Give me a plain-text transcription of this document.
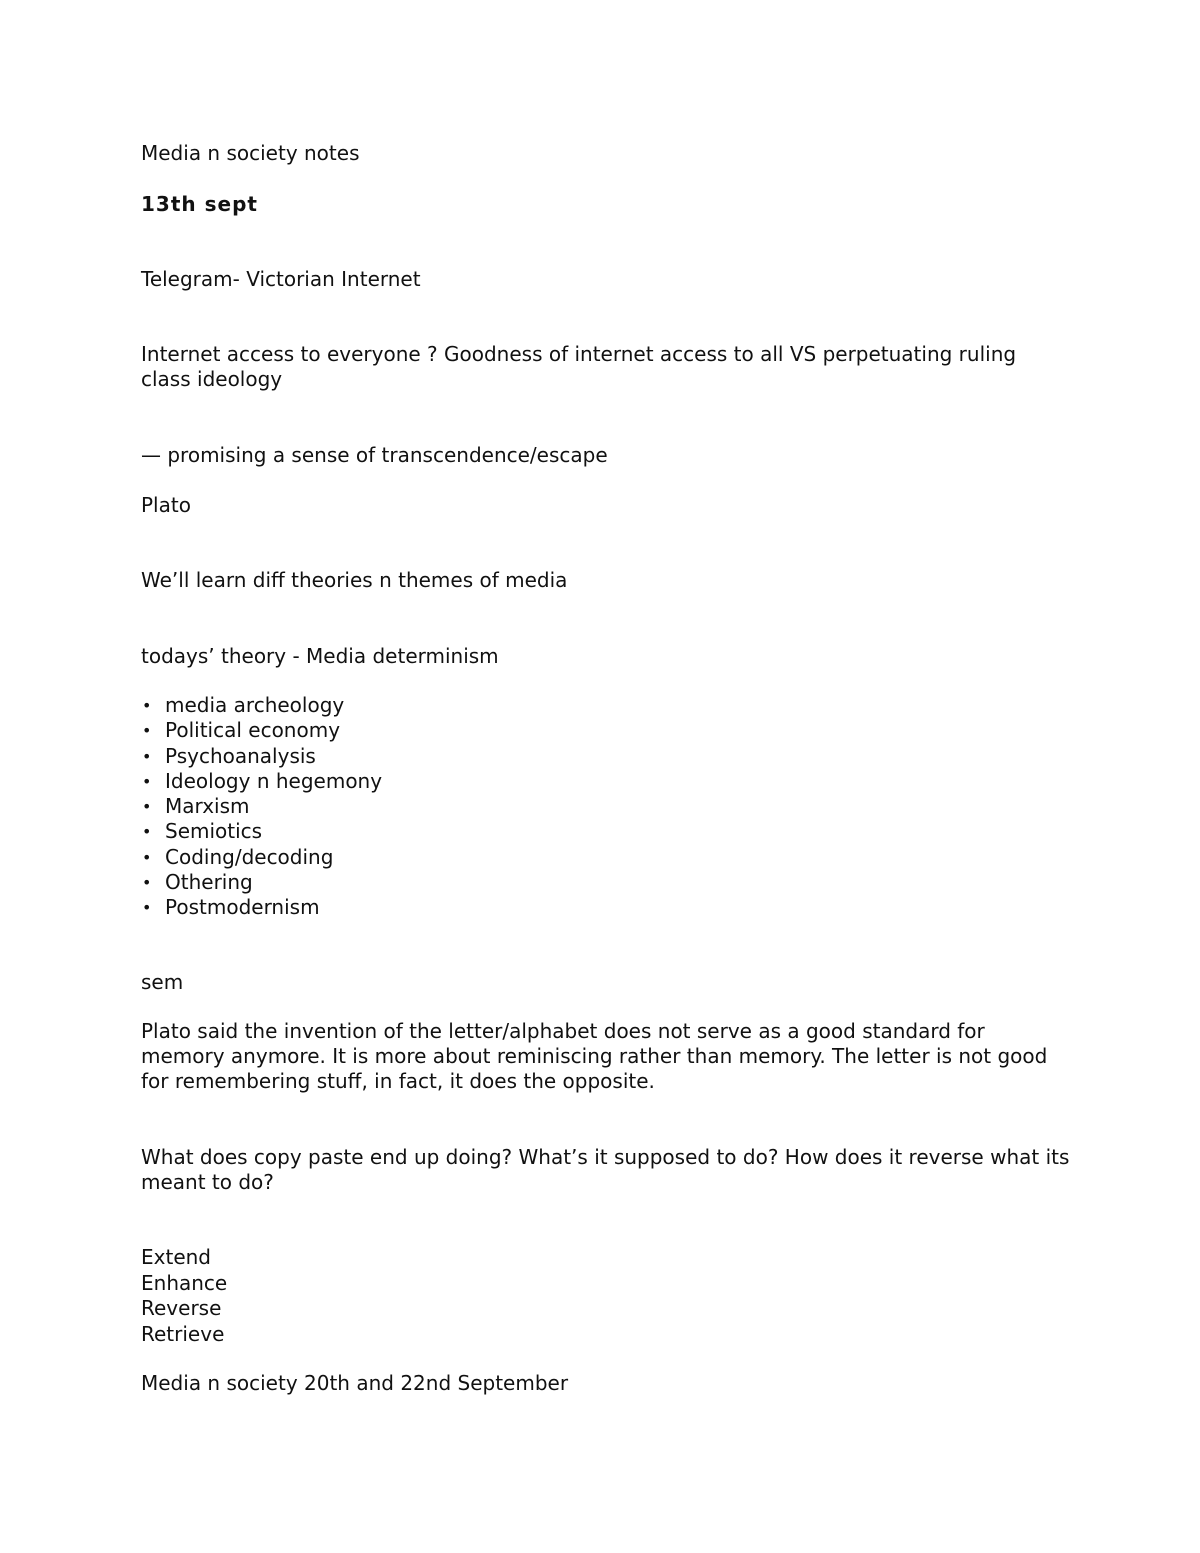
Media n society notes

13th sept

Telegram- Victorian Internet

Internet access to everyone ? Goodness of internet access to all VS perpetuating ruling class ideology

— promising a sense of transcendence/escape

Plato

We’ll learn diff theories n themes of media

todays’ theory - Media determinism

• media archeology
• Political economy
• Psychoanalysis
• Ideology n hegemony
• Marxism
• Semiotics
• Coding/decoding
• Othering
• Postmodernism

sem

Plato said the invention of the letter/alphabet does not serve as a good standard for memory anymore. It is more about reminiscing rather than memory. The letter is not good for remembering stuff, in fact, it does the opposite.

What does copy paste end up doing? What’s it supposed to do? How does it reverse what its meant to do?

Extend
Enhance
Reverse
Retrieve

Media n society 20th and 22nd September
